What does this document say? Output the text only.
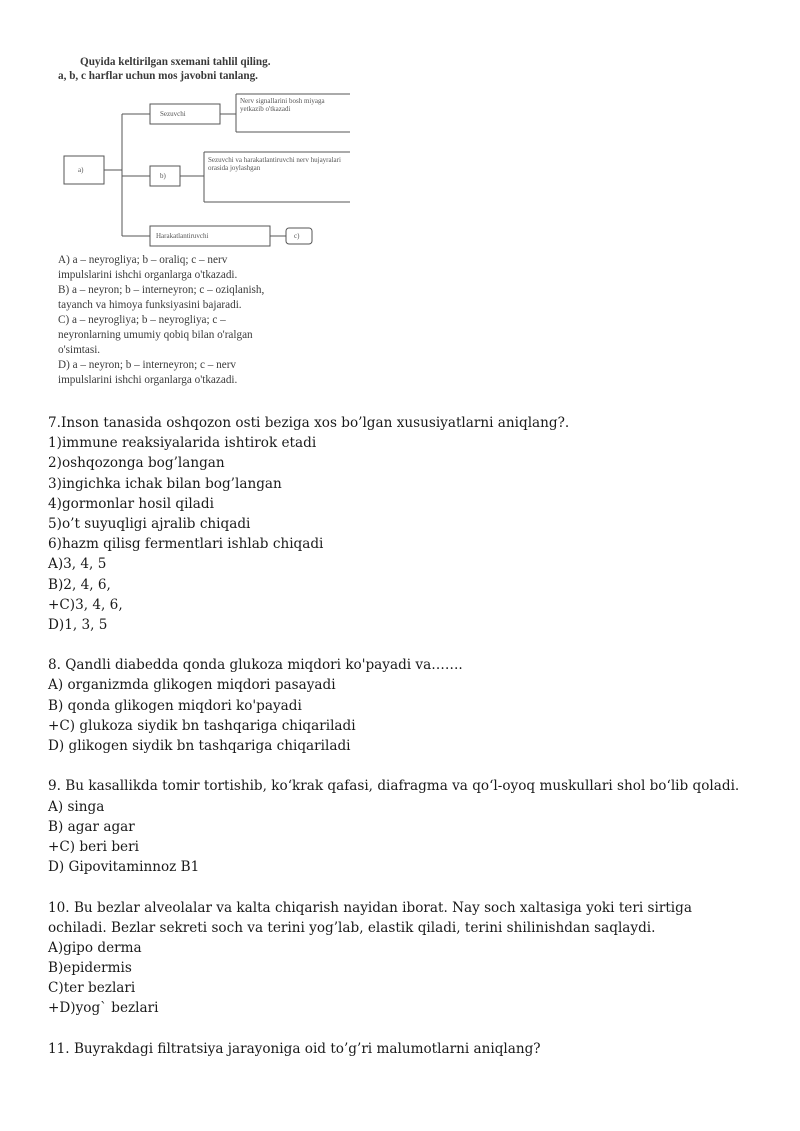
Quyida keltirilgan sxemani tahlil qiling.
a, b, c harflar uchun mos javobni tanlang.
a)
Sezuvchi
Nerv signallarini bosh miyaga yetkazib o'tkazadi
b)
Sezuvchi va harakatlantiruvchi nerv hujayralari orasida joylashgan
Harakatlantiruvchi	c)
A) a – neyrogliya; b – oraliq; c – nerv
impulslarini ishchi organlarga o'tkazadi.
B) a – neyron; b – interneyron; c – oziqlanish,
tayanch va himoya funksiyasini bajaradi.
C) a – neyrogliya; b – neyrogliya; c –
neyronlarning umumiy qobiq bilan o'ralgan
o'simtasi.
D) a – neyron; b – interneyron; c – nerv
impulslarini ishchi organlarga o'tkazadi.
7.Inson tanasida oshqozon osti beziga xos bo’lgan xususiyatlarni aniqlang?.
1)immune reaksiyalarida ishtirok etadi
2)oshqozonga bog’langan
3)ingichka ichak bilan bog’langan
4)gormonlar hosil qiladi
5)o’t suyuqligi ajralib chiqadi
6)hazm qilisg fermentlari ishlab chiqadi
A)3, 4, 5
B)2, 4, 6,
+C)3, 4, 6,
D)1, 3, 5
8. Qandli diabedda qonda glukoza miqdori ko'payadi va…….
A) organizmda glikogen miqdori pasayadi
B) qonda glikogen miqdori ko'payadi
+C) glukoza siydik bn tashqariga chiqariladi
D) glikogen siydik bn tashqariga chiqariladi
9. Bu kasallikda tomir tortishib, ko‘krak qafasi, diafragma va qo‘l-oyoq muskullari shol bo‘lib qoladi.
A) singa
B) agar agar
+C) beri beri
D) Gipovitaminnoz B1
10. Bu bezlar alveolalar va kalta chiqarish nayidan iborat. Nay soch xaltasiga yoki teri sirtiga ochiladi. Bezlar sekreti soch va terini yog’lab, elastik qiladi, terini shilinishdan saqlaydi.
A)gipo derma
B)epidermis
C)ter bezlari
+D)yog` bezlari
11. Buyrakdagi filtratsiya jarayoniga oid to’g’ri malumotlarni aniqlang?
